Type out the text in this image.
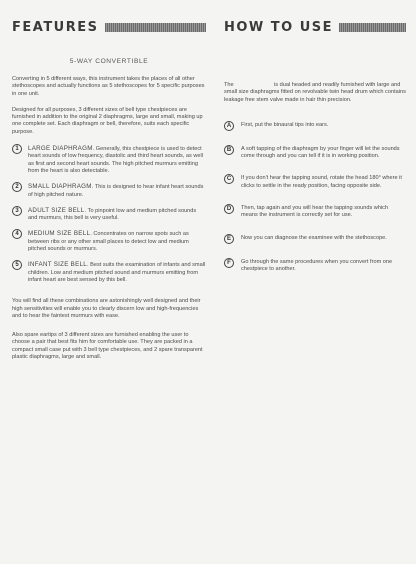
FEATURES
5-WAY CONVERTIBLE

Converting in 5 different ways, this instrument takes the places of all other stethoscopes and actually functions as 5 stethoscopes for 5 specific purposes in one unit.

Designed for all purposes, 3 different sizes of bell type chestpieces are furnished in addition to the original 2 diaphragms, large and small, making up one complete set. Each diaphragm or bell, therefore, suits each specific purpose.

1	LARGE DIAPHRAGM. Generally, this chestpiece is used to detect heart sounds of low frequency, diastolic and third heart sounds, as well as first and second heart sounds. The high pitched murmurs emitting from the heart is also detectable.

2	SMALL DIAPHRAGM. This is designed to hear infant heart sounds of high pitched nature.

3	ADULT SIZE BELL. To pinpoint low and medium pitched sounds and murmurs, this bell is very useful.

4	MEDIUM SIZE BELL. Concentrates on narrow spots such as between ribs or any other small places to detect low and medium pitched sounds or murmurs.

5	INFANT SIZE BELL. Best suits the examination of infants and small children. Low and medium pitched sound and murmurs emitting from infant heart are best sensed by this bell.

You will find all these combinations are astonishingly well designed and their high sensitivities will enable you to clearly discern low and high-frequencies and to hear the faintest murmurs with ease.

Also spare eartips of 3 different sizes are furnished enabling the user to choose a pair that best fits him for comfortable use. They are packed in a compact small case put with 3 bell type chestpieces, and 2 spare transparent plastic diaphragms, large and small.

HOW TO USE

The                          is dual headed and readily furnished with large and small size diaphragms fitted on revolvable twin head drum which contains leakage free stem valve made in hair thin precision.

A	First, put the binaural tips into ears.

B	A soft tapping of the diaphragm by your finger will let the sounds come through and you can tell if it is in working position.

C	If you don't hear the tapping sound, rotate the head 180° where it clicks to settle in the ready position, facing opposite side.

D	Then, tap again and you will hear the tapping sounds which means the instrument is correctly set for use.

E	Now you can diagnose the examinee with the stethoscope.

F	Go through the same procedures when you convert from one chestpiece to another.
